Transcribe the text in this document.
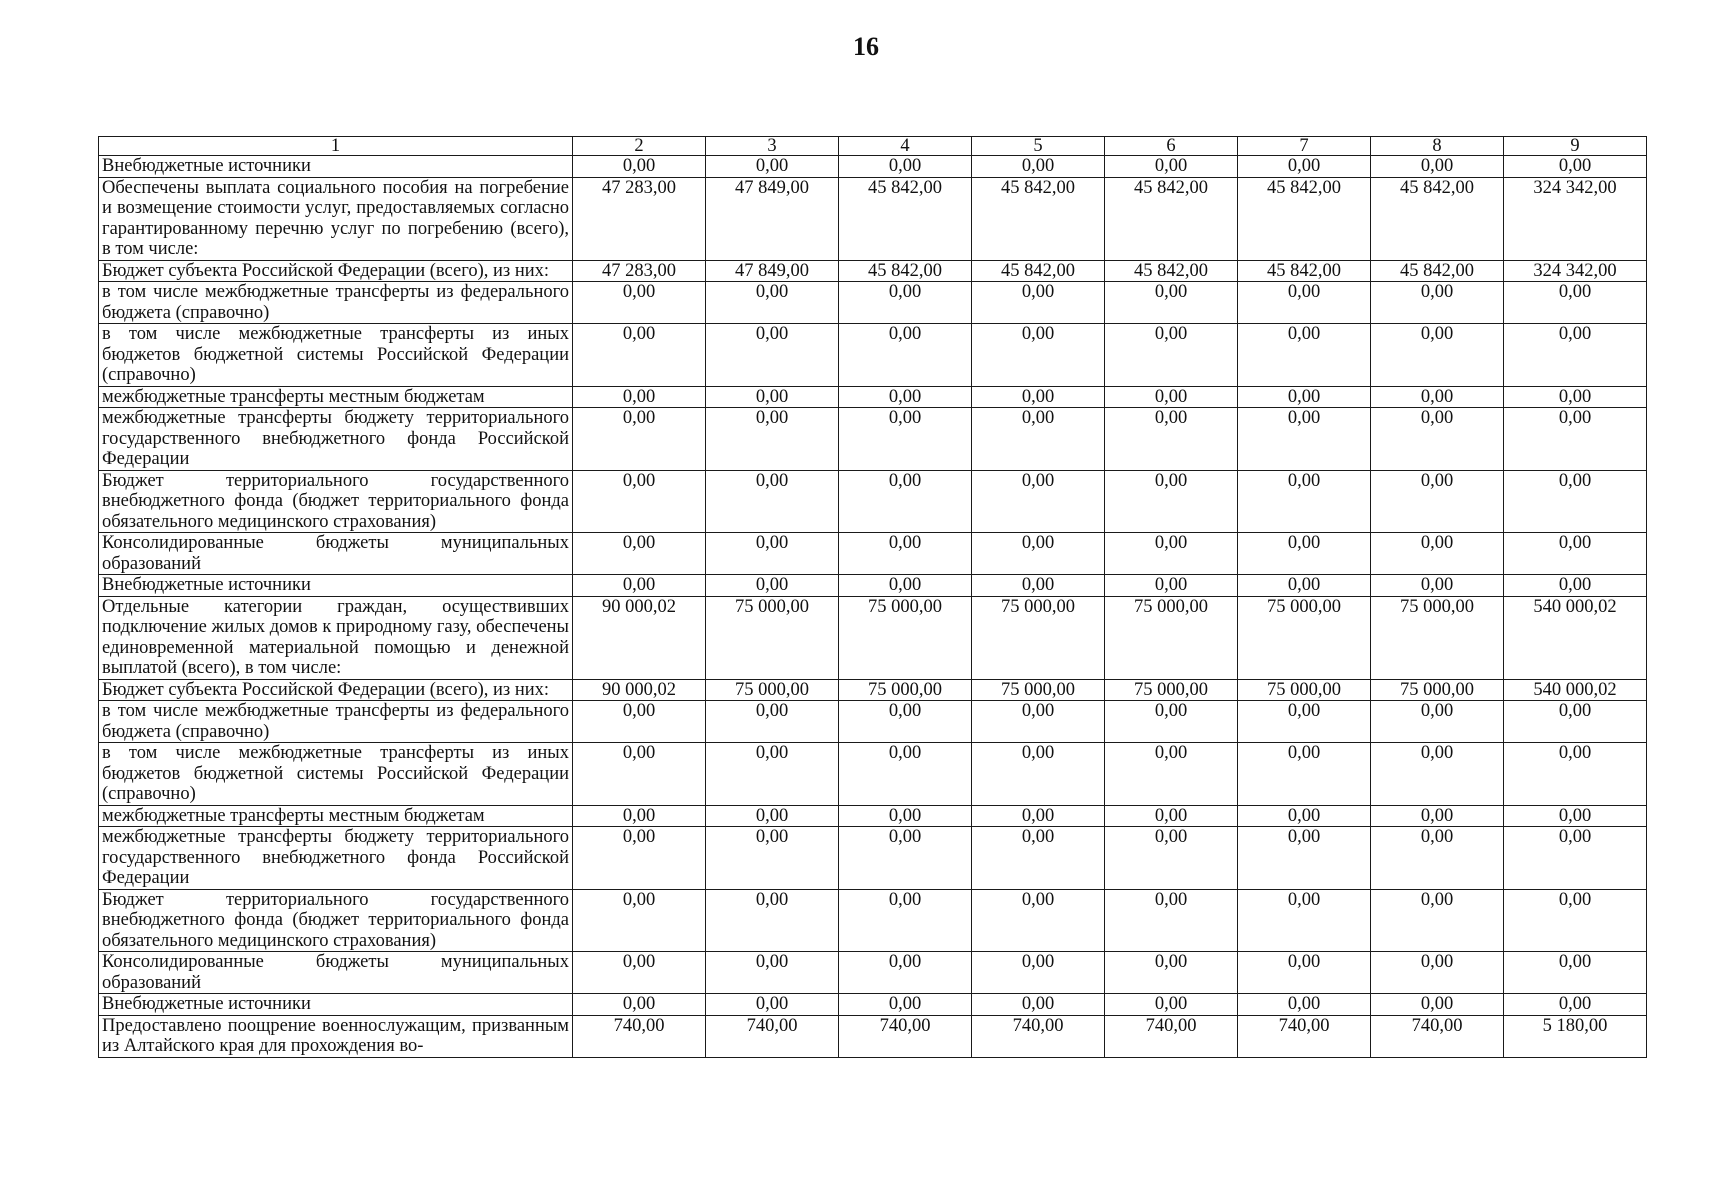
16
1	2	3	4	5	6	7	8	9
Внебюджетные источники	0,00	0,00	0,00	0,00	0,00	0,00	0,00	0,00
Обеспечены выплата социального пособия на погребение и возмещение стоимости услуг, предоставляемых согласно гарантированному перечню услуг по погребению (всего), в том числе:	47 283,00	47 849,00	45 842,00	45 842,00	45 842,00	45 842,00	45 842,00	324 342,00
Бюджет субъекта Российской Федерации (всего), из них:	47 283,00	47 849,00	45 842,00	45 842,00	45 842,00	45 842,00	45 842,00	324 342,00
в том числе межбюджетные трансферты из федерального бюджета (справочно)	0,00	0,00	0,00	0,00	0,00	0,00	0,00	0,00
в том числе межбюджетные трансферты из иных бюджетов бюджетной системы Российской Федерации (справочно)	0,00	0,00	0,00	0,00	0,00	0,00	0,00	0,00
межбюджетные трансферты местным бюджетам	0,00	0,00	0,00	0,00	0,00	0,00	0,00	0,00
межбюджетные трансферты бюджету территориального государственного внебюджетного фонда Российской Федерации	0,00	0,00	0,00	0,00	0,00	0,00	0,00	0,00
Бюджет территориального государственного внебюджетного фонда (бюджет территориального фонда обязательного медицинского страхования)	0,00	0,00	0,00	0,00	0,00	0,00	0,00	0,00
Консолидированные бюджеты муниципальных образований	0,00	0,00	0,00	0,00	0,00	0,00	0,00	0,00
Внебюджетные источники	0,00	0,00	0,00	0,00	0,00	0,00	0,00	0,00
Отдельные категории граждан, осуществивших подключение жилых домов к природному газу, обеспечены единовременной материальной помощью и денежной выплатой (всего), в том числе:	90 000,02	75 000,00	75 000,00	75 000,00	75 000,00	75 000,00	75 000,00	540 000,02
Бюджет субъекта Российской Федерации (всего), из них:	90 000,02	75 000,00	75 000,00	75 000,00	75 000,00	75 000,00	75 000,00	540 000,02
в том числе межбюджетные трансферты из федерального бюджета (справочно)	0,00	0,00	0,00	0,00	0,00	0,00	0,00	0,00
в том числе межбюджетные трансферты из иных бюджетов бюджетной системы Российской Федерации (справочно)	0,00	0,00	0,00	0,00	0,00	0,00	0,00	0,00
межбюджетные трансферты местным бюджетам	0,00	0,00	0,00	0,00	0,00	0,00	0,00	0,00
межбюджетные трансферты бюджету территориального государственного внебюджетного фонда Российской Федерации	0,00	0,00	0,00	0,00	0,00	0,00	0,00	0,00
Бюджет территориального государственного внебюджетного фонда (бюджет территориального фонда обязательного медицинского страхования)	0,00	0,00	0,00	0,00	0,00	0,00	0,00	0,00
Консолидированные бюджеты муниципальных образований	0,00	0,00	0,00	0,00	0,00	0,00	0,00	0,00
Внебюджетные источники	0,00	0,00	0,00	0,00	0,00	0,00	0,00	0,00
Предоставлено поощрение военнослужащим, призванным из Алтайского края для прохождения во-	740,00	740,00	740,00	740,00	740,00	740,00	740,00	5 180,00
